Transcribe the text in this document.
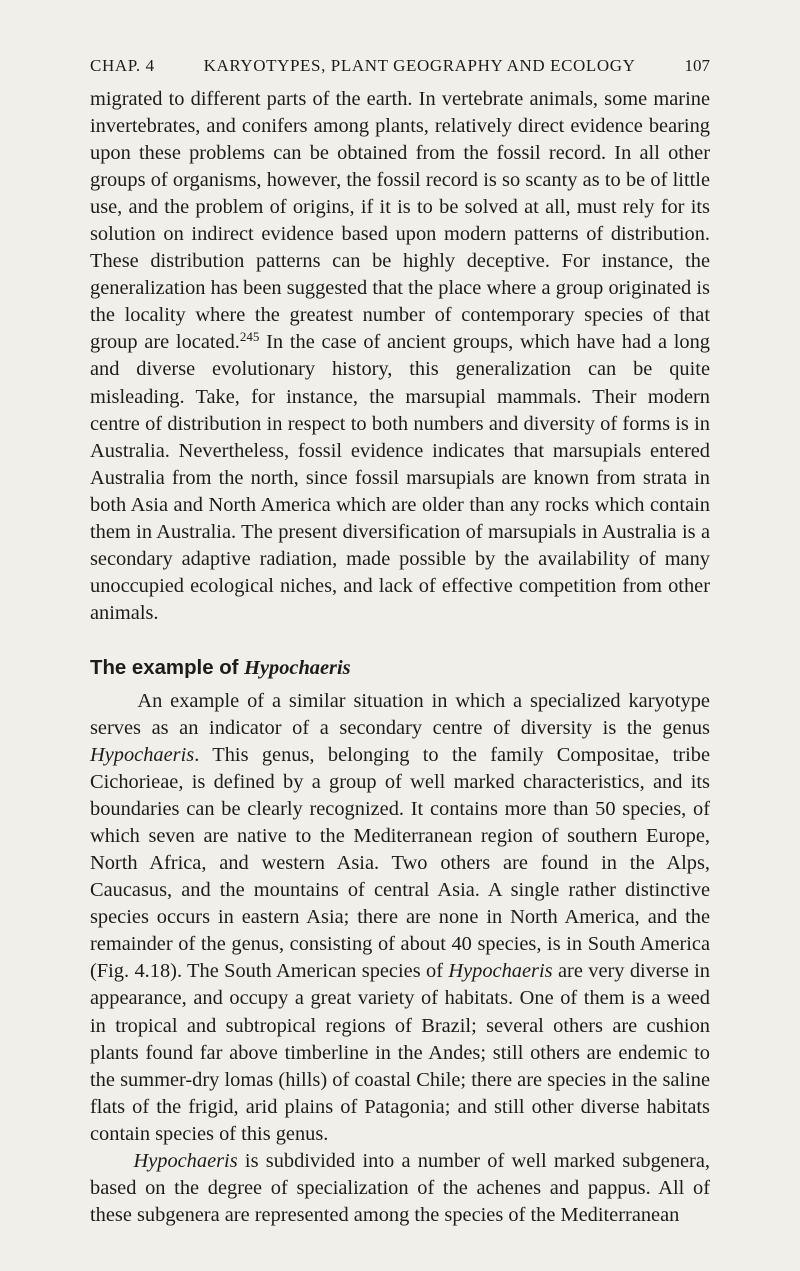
CHAP. 4	KARYOTYPES, PLANT GEOGRAPHY AND ECOLOGY	107

migrated to different parts of the earth. In vertebrate animals, some marine invertebrates, and conifers among plants, relatively direct evidence bearing upon these problems can be obtained from the fossil record. In all other groups of organisms, however, the fossil record is so scanty as to be of little use, and the problem of origins, if it is to be solved at all, must rely for its solution on indirect evidence based upon modern patterns of distribution. These distribution patterns can be highly deceptive. For instance, the generalization has been suggested that the place where a group originated is the locality where the greatest number of contemporary species of that group are located.$^{245}$ In the case of ancient groups, which have had a long and diverse evolutionary history, this generalization can be quite misleading. Take, for instance, the marsupial mammals. Their modern centre of distribution in respect to both numbers and diversity of forms is in Australia. Nevertheless, fossil evidence indicates that marsupials entered Australia from the north, since fossil marsupials are known from strata in both Asia and North America which are older than any rocks which contain them in Australia. The present diversification of marsupials in Australia is a secondary adaptive radiation, made possible by the availability of many unoccupied ecological niches, and lack of effective competition from other animals.

The example of Hypochaeris

An example of a similar situation in which a specialized karyotype serves as an indicator of a secondary centre of diversity is the genus Hypochaeris. This genus, belonging to the family Compositae, tribe Cichorieae, is defined by a group of well marked characteristics, and its boundaries can be clearly recognized. It contains more than 50 species, of which seven are native to the Mediterranean region of southern Europe, North Africa, and western Asia. Two others are found in the Alps, Caucasus, and the mountains of central Asia. A single rather distinctive species occurs in eastern Asia; there are none in North America, and the remainder of the genus, consisting of about 40 species, is in South America (Fig. 4.18). The South American species of Hypochaeris are very diverse in appearance, and occupy a great variety of habitats. One of them is a weed in tropical and subtropical regions of Brazil; several others are cushion plants found far above timberline in the Andes; still others are endemic to the summer-dry lomas (hills) of coastal Chile; there are species in the saline flats of the frigid, arid plains of Patagonia; and still other diverse habitats contain species of this genus.

Hypochaeris is subdivided into a number of well marked subgenera, based on the degree of specialization of the achenes and pappus. All of these subgenera are represented among the species of the Mediterranean
